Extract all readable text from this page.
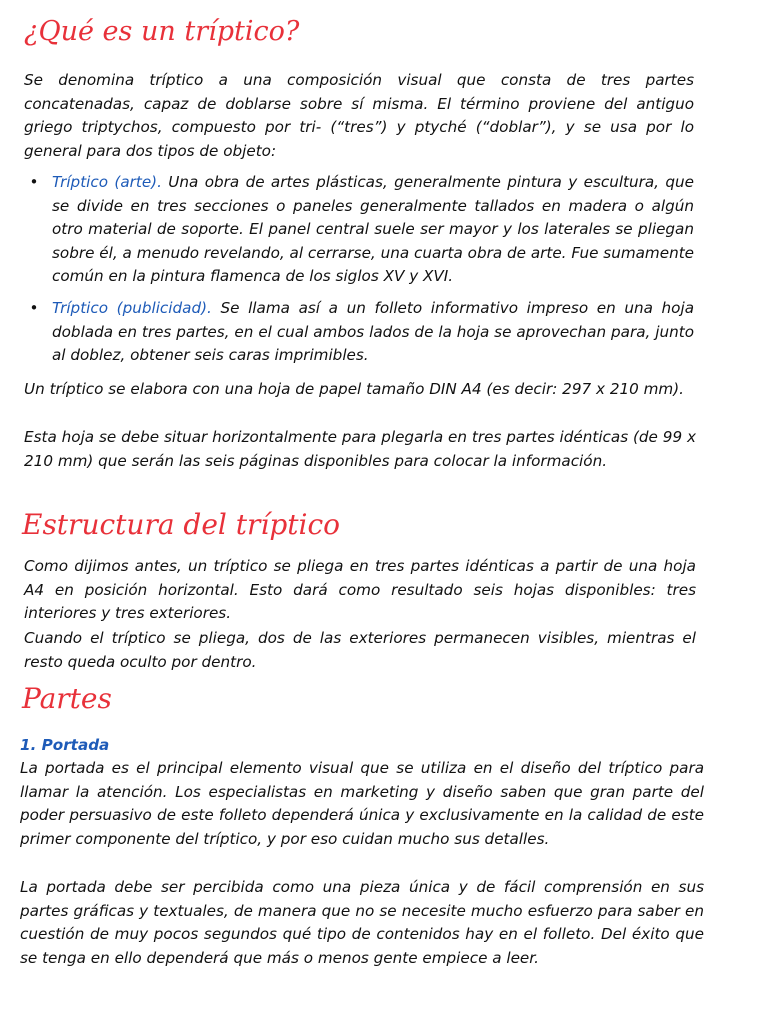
¿Qué es un tríptico?

Se denomina tríptico a una composición visual que consta de tres partes concatenadas, capaz de doblarse sobre sí misma. El término proviene del antiguo griego triptychos, compuesto por tri- (“tres”) y ptyché (“doblar”), y se usa por lo general para dos tipos de objeto:

• Tríptico (arte). Una obra de artes plásticas, generalmente pintura y escultura, que se divide en tres secciones o paneles generalmente tallados en madera o algún otro material de soporte. El panel central suele ser mayor y los laterales se pliegan sobre él, a menudo revelando, al cerrarse, una cuarta obra de arte. Fue sumamente común en la pintura flamenca de los siglos XV y XVI.
• Tríptico (publicidad). Se llama así a un folleto informativo impreso en una hoja doblada en tres partes, en el cual ambos lados de la hoja se aprovechan para, junto al doblez, obtener seis caras imprimibles.

Un tríptico se elabora con una hoja de papel tamaño DIN A4 (es decir: 297 x 210 mm).

Esta hoja se debe situar horizontalmente para plegarla en tres partes idénticas (de 99 x 210 mm) que serán las seis páginas disponibles para colocar la información.

Estructura del tríptico

Como dijimos antes, un tríptico se pliega en tres partes idénticas a partir de una hoja A4 en posición horizontal. Esto dará como resultado seis hojas disponibles: tres interiores y tres exteriores.

Cuando el tríptico se pliega, dos de las exteriores permanecen visibles, mientras el resto queda oculto por dentro.

Partes
1. Portada

La portada es el principal elemento visual que se utiliza en el diseño del tríptico para llamar la atención. Los especialistas en marketing y diseño saben que gran parte del poder persuasivo de este folleto dependerá única y exclusivamente en la calidad de este primer componente del tríptico, y por eso cuidan mucho sus detalles.

La portada debe ser percibida como una pieza única y de fácil comprensión en sus partes gráficas y textuales, de manera que no se necesite mucho esfuerzo para saber en cuestión de muy pocos segundos qué tipo de contenidos hay en el folleto. Del éxito que se tenga en ello dependerá que más o menos gente empiece a leer.
